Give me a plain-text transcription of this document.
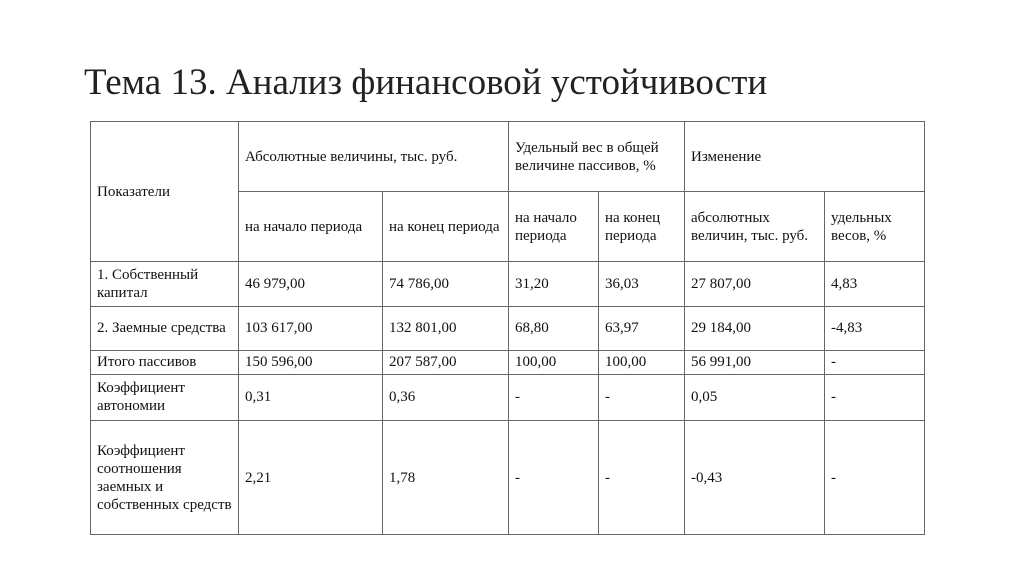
Тема 13. Анализ финансовой устойчивости
Показатели	Абсолютные величины, тыс. руб.		Удельный вес в общей величине пассивов, %		Изменение	
	на начало периода	на конец периода	на начало периода	на конец периода	абсолютных величин, тыс. руб.	удельных весов, %
1. Собственный капитал	46 979,00	74 786,00	31,20	36,03	27 807,00	4,83
2. Заемные средства	103 617,00	132 801,00	68,80	63,97	29 184,00	-4,83
Итого пассивов	150 596,00	207 587,00	100,00	100,00	56 991,00	-
Коэффициент автономии	0,31	0,36	-	-	0,05	-
Коэффициент соотношения заемных и собственных средств	2,21	1,78	-	-	-0,43	-
